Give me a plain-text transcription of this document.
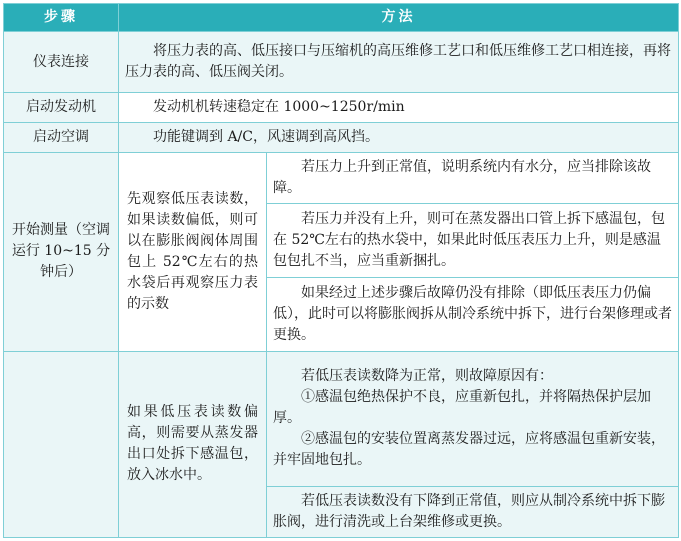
步骤	方法	
仪表连接	将压力表的高、低压接口与压缩机的高压维修工艺口和低压维修工艺口相连接，再将压力表的高、低压阀关闭。	
启动发动机	发动机机转速稳定在 1000~1250r/min	
启动空调	功能键调到 A/C，风速调到高风挡。	
开始测量（空调运行 10~15 分钟后）	先观察低压表读数，如果读数偏低，则可以在膨胀阀阀体周围包上 52℃左右的热水袋后再观察压力表的示数	若压力上升到正常值，说明系统内有水分，应当排除该故障。
		若压力并没有上升，则可在蒸发器出口管上拆下感温包，包在 52℃左右的热水袋中，如果此时低压表压力上升，则是感温包包扎不当，应当重新捆扎。
		如果经过上述步骤后故障仍没有排除（即低压表压力仍偏低），此时可以将膨胀阀拆从制冷系统中拆下，进行台架修理或者更换。
	如果低压表读数偏高，则需要从蒸发器出口处拆下感温包，放入冰水中。	若低压表读数降为正常，则故障原因有：

①感温包绝热保护不良，应重新包扎，并将隔热保护层加厚。

②感温包的安装位置离蒸发器过远，应将感温包重新安装，并牢固地包扎。

		若低压表读数没有下降到正常值，则应从制冷系统中拆下膨胀阀，进行清洗或上台架维修或更换。
